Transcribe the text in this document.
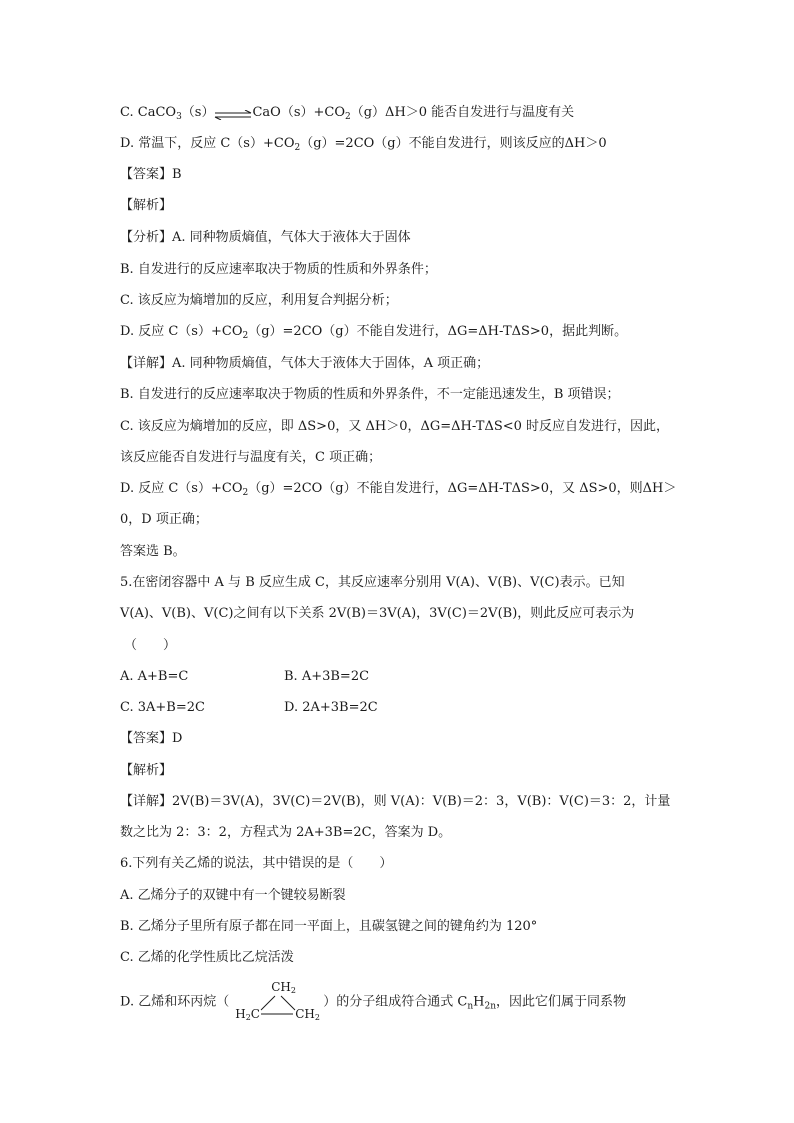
C. CaCO$_3$（s）	$CaO(s)+CO_2(g)\Delta H>0$ 能否自发进行与温度有关
D. 常温下，反应 $C(s)+CO_2(g)=2CO(g)$不能自发进行，则该反应的ΔH＞0
【答案】B
【解析】
【分析】A. 同种物质熵值，气体大于液体大于固体
B. 自发进行的反应速率取决于物质的性质和外界条件；
C. 该反应为熵增加的反应，利用复合判据分析；
D. 反应 $C(s)+CO_2(g)=2CO(g)$不能自发进行，ΔG=ΔH-TΔS>0，据此判断。
【详解】A. 同种物质熵值，气体大于液体大于固体，A 项正确；
B. 自发进行的反应速率取决于物质的性质和外界条件，不一定能迅速发生，B 项错误；
C. 该反应为熵增加的反应，即 ΔS>0，又 ΔH＞0，ΔG=ΔH-TΔS<0 时反应自发进行，因此，
该反应能否自发进行与温度有关，C 项正确；
D. 反应 $C(s)+CO_2(g)=2CO(g)$不能自发进行，ΔG=ΔH-TΔS>0，又 ΔS>0，则ΔH＞
0，D 项正确；
答案选 B。
5.在密闭容器中 A 与 B 反应生成 C，其反应速率分别用 V(A)、V(B)、V(C)表示。已知
V(A)、V(B)、V(C)之间有以下关系 2V(B)＝3V(A)，3V(C)＝2V(B)，则此反应可表示为
（　　）
A. A+B=C	B. A+3B=2C
C. 3A+B=2C	D. 2A+3B=2C
【答案】D
【解析】
【详解】2V(B)＝3V(A)，3V(C)＝2V(B)，则 V(A)：V(B)＝2：3，V(B)：V(C)＝3：2，计量
数之比为 2：3：2，方程式为 2A+3B=2C，答案为 D。
6.下列有关乙烯的说法，其中错误的是（　　）
A. 乙烯分子的双键中有一个键较易断裂
B. 乙烯分子里所有原子都在同一平面上，且碳氢键之间的键角约为 120°
C. 乙烯的化学性质比乙烷活泼
D. 乙烯和环丙烷（
$CH_2$
$H_2C$	$CH_2$
）的分子组成符合通式 $C_nH_{2n}$，因此它们属于同系物
